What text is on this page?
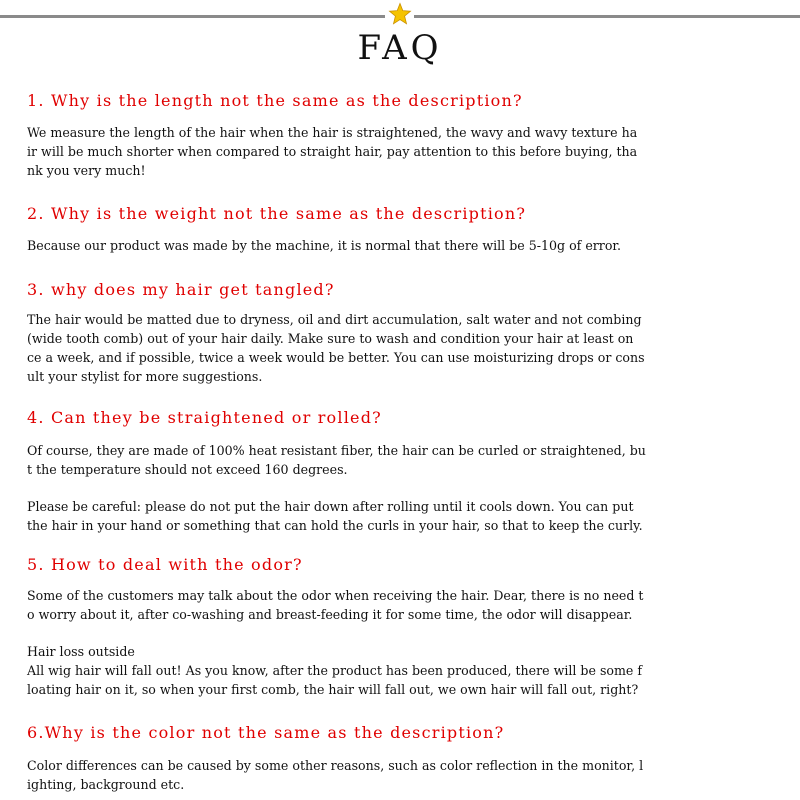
FAQ
1. Why is the length not the same as the description?
We measure the length of the hair when the hair is straightened, the wavy and wavy texture ha
ir will be much shorter when compared to straight hair, pay attention to this before buying, tha
nk you very much!
2. Why is the weight not the same as the description?
Because our product was made by the machine, it is normal that there will be 5-10g of error.
3. why does my hair get tangled?
The hair would be matted due to dryness, oil and dirt accumulation, salt water and not combing
(wide tooth comb) out of your hair daily. Make sure to wash and condition your hair at least on
ce a week, and if possible, twice a week would be better. You can use moisturizing drops or cons
ult your stylist for more suggestions.
4. Can they be straightened or rolled?
Of course, they are made of 100% heat resistant fiber, the hair can be curled or straightened, bu
t the temperature should not exceed 160 degrees.
Please be careful: please do not put the hair down after rolling until it cools down. You can put
the hair in your hand or something that can hold the curls in your hair, so that to keep the curly.
5. How to deal with the odor?
Some of the customers may talk about the odor when receiving the hair. Dear, there is no need t
o worry about it, after co-washing and breast-feeding it for some time, the odor will disappear.
Hair loss outside
All wig hair will fall out! As you know, after the product has been produced, there will be some f
loating hair on it, so when your first comb, the hair will fall out, we own hair will fall out, right?
6.Why is the color not the same as the description?
Color differences can be caused by some other reasons, such as color reflection in the monitor, l
ighting, background etc.
